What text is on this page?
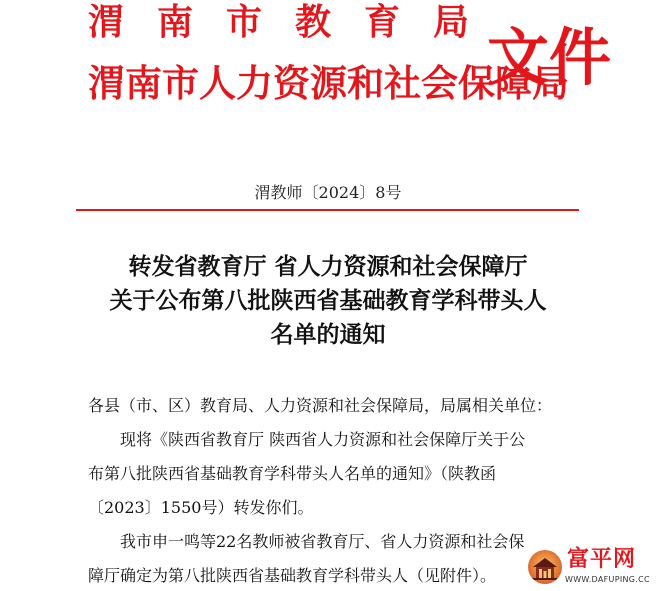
渭南市教育局
渭南市人力资源和社会保障局
文件
渭教师〔2024〕8号
转发省教育厅 省人力资源和社会保障厅
关于公布第八批陕西省基础教育学科带头人
名单的通知
各县（市、区）教育局、人力资源和社会保障局，局属相关单位：
现将《陕西省教育厅 陕西省人力资源和社会保障厅关于公
布第八批陕西省基础教育学科带头人名单的通知》（陕教函
〔2023〕1550号）转发你们。
我市申一鸣等22名教师被省教育厅、省人力资源和社会保
障厅确定为第八批陕西省基础教育学科带头人（见附件）。
富平网
WWW.DAFUPING.CC
